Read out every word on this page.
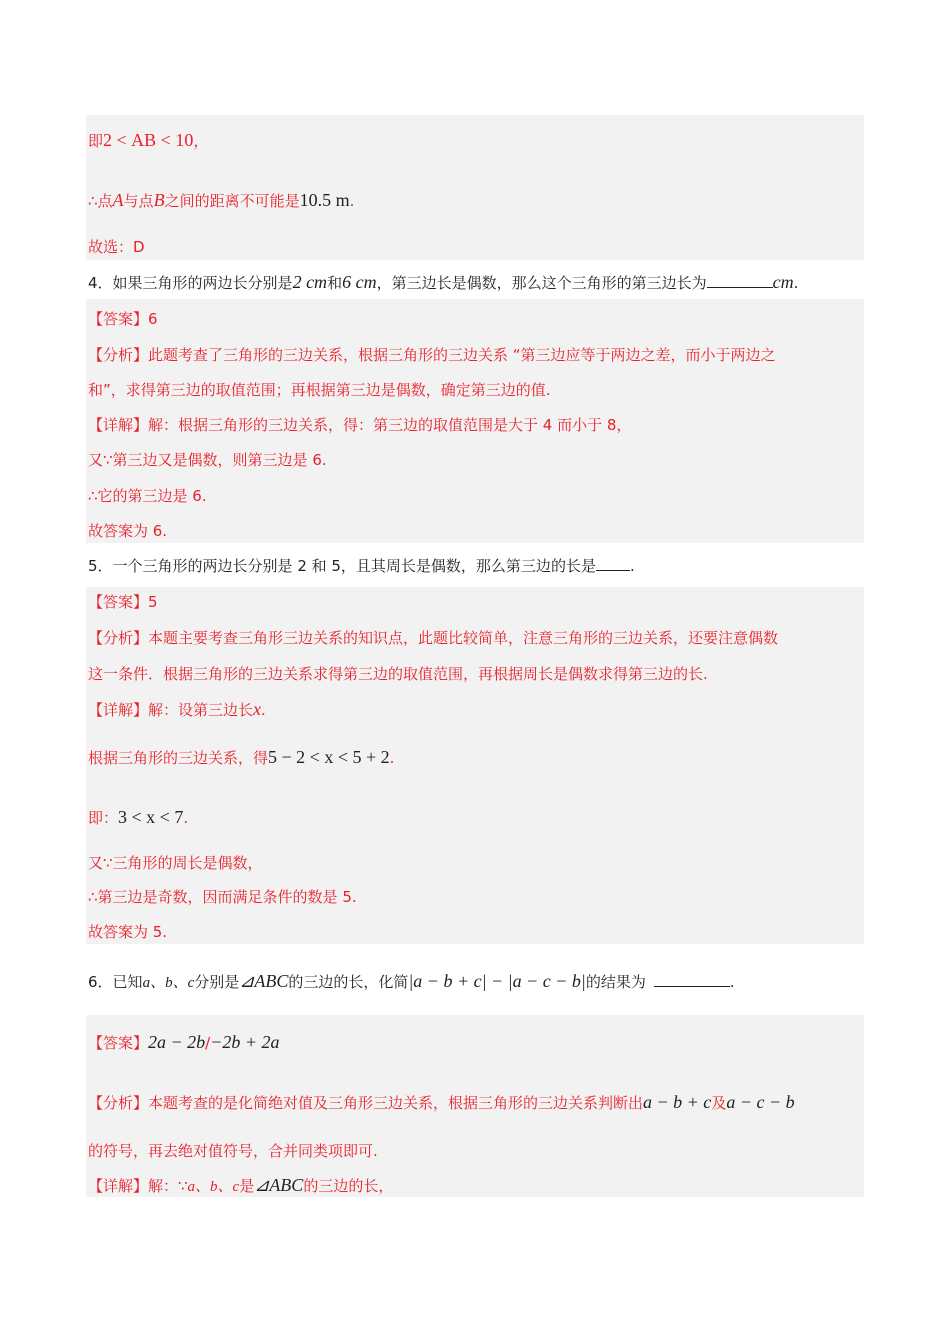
即2 < AB < 10，
∴点A与点B之间的距离不可能是10.5 m.
故选：D
4．如果三角形的两边长分别是2 cm和6 cm，第三边长是偶数，那么这个三角形的第三边长为	cm.
【答案】6
【分析】此题考查了三角形的三边关系，根据三角形的三边关系 “第三边应等于两边之差，而小于两边之
和”，求得第三边的取值范围；再根据第三边是偶数，确定第三边的值.
【详解】解：根据三角形的三边关系，得：第三边的取值范围是大于 4 而小于 8，
又∵第三边又是偶数，则第三边是 6.
∴它的第三边是 6.
故答案为 6.
5．一个三角形的两边长分别是 2 和 5，且其周长是偶数，那么第三边的长是 .
【答案】5
【分析】本题主要考查三角形三边关系的知识点，此题比较简单，注意三角形的三边关系，还要注意偶数
这一条件．根据三角形的三边关系求得第三边的取值范围，再根据周长是偶数求得第三边的长.
【详解】解：设第三边长x.
根据三角形的三边关系，得5 − 2 < x < 5 + 2.
即：3 < x < 7.
又∵三角形的周长是偶数，
∴第三边是奇数，因而满足条件的数是 5.
故答案为 5.
6．已知a、b、c分别是⊿ABC的三边的长，化简|a − b + c| − |a − c − b|的结果为	.
【答案】2a − 2b/−2b + 2a
【分析】本题考查的是化简绝对值及三角形三边关系，根据三角形的三边关系判断出a − b + c及a − c − b
的符号，再去绝对值符号，合并同类项即可.
【详解】解：∵a、b、c是⊿ABC的三边的长，
